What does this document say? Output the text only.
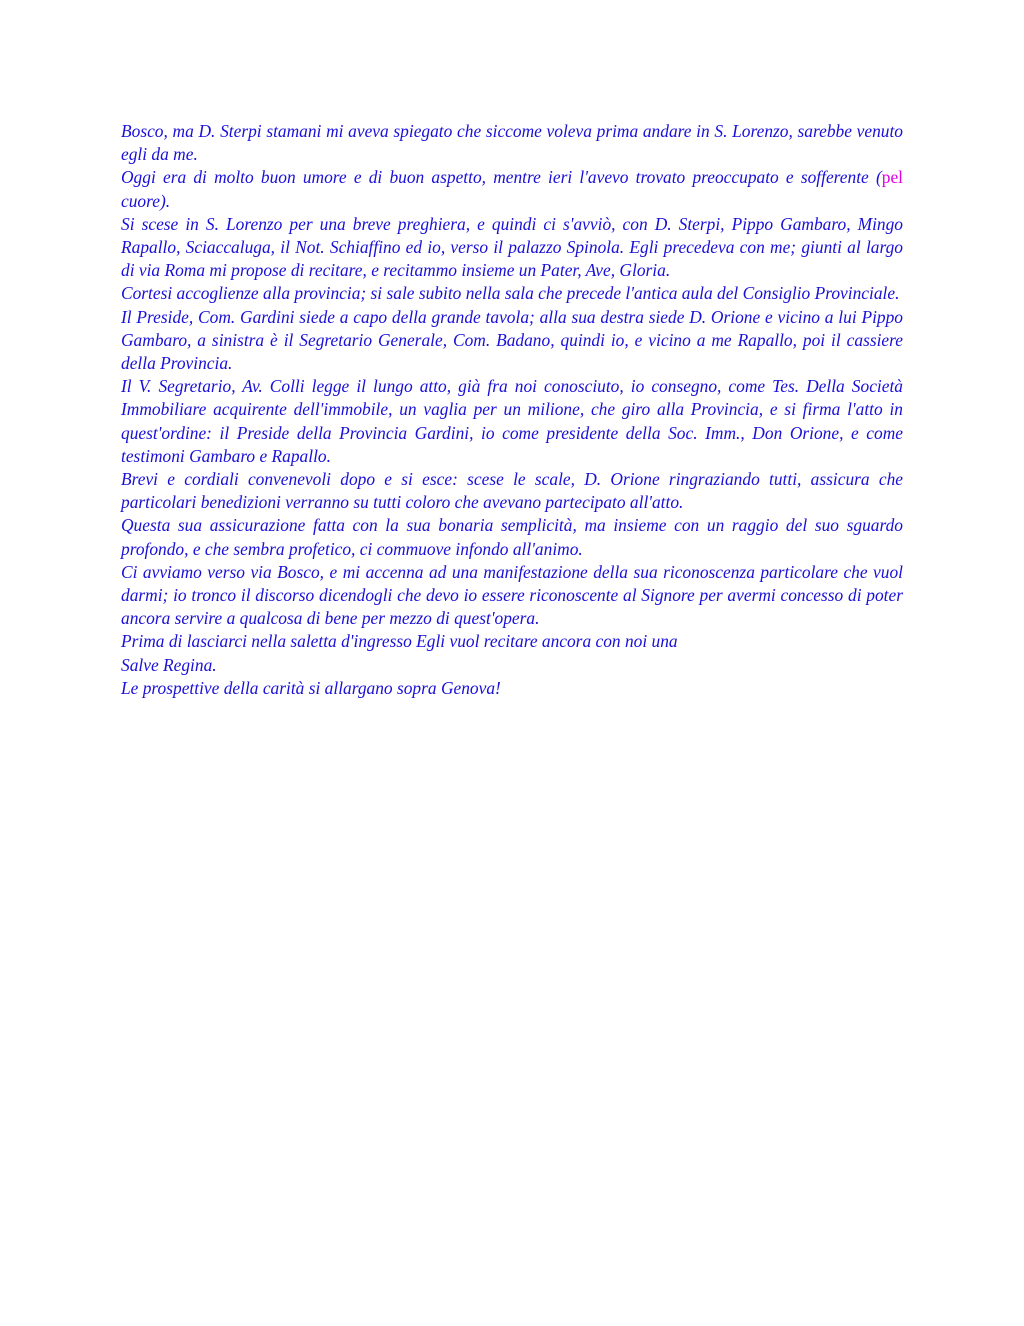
Bosco, ma D. Sterpi stamani mi aveva spiegato che siccome voleva prima andare in S. Lorenzo, sarebbe venuto egli da me.

Oggi era di molto buon umore e di buon aspetto, mentre ieri l'avevo trovato preoccupato e sofferente (pel cuore).

Si scese in S. Lorenzo per una breve preghiera, e quindi ci s'avviò, con D. Sterpi, Pippo Gambaro, Mingo Rapallo, Sciaccaluga, il Not. Schiaffino ed io, verso il palazzo Spinola. Egli precedeva con me; giunti al largo di via Roma mi propose di recitare, e recitammo insieme un Pater, Ave, Gloria.

Cortesi accoglienze alla provincia; si sale subito nella sala che precede l'antica aula del Consiglio Provinciale.

Il Preside, Com. Gardini siede a capo della grande tavola; alla sua destra siede D. Orione e vicino a lui Pippo Gambaro, a sinistra è il Segretario Generale, Com. Badano, quindi io, e vicino a me Rapallo, poi il cassiere della Provincia.

Il V. Segretario, Av. Colli legge il lungo atto, già fra noi conosciuto, io consegno, come Tes. Della Società Immobiliare acquirente dell'immobile, un vaglia per un milione, che giro alla Provincia, e si firma l'atto in quest'ordine: il Preside della Provincia Gardini, io come presidente della Soc. Imm., Don Orione, e come testimoni Gambaro e Rapallo.

Brevi e cordiali convenevoli dopo e si esce: scese le scale, D. Orione ringraziando tutti, assicura che particolari benedizioni verranno su tutti coloro che avevano partecipato all'atto.

Questa sua assicurazione fatta con la sua bonaria semplicità, ma insieme con un raggio del suo sguardo profondo, e che sembra profetico, ci commuove infondo all'animo.

Ci avviamo verso via Bosco, e mi accenna ad una manifestazione della sua riconoscenza particolare che vuol darmi; io tronco il discorso dicendogli che devo io essere riconoscente al Signore per avermi concesso di poter ancora servire a qualcosa di bene per mezzo di quest'opera.

Prima di lasciarci nella saletta d'ingresso Egli vuol recitare ancora con noi una

Salve Regina.

Le prospettive della carità si allargano sopra Genova!
